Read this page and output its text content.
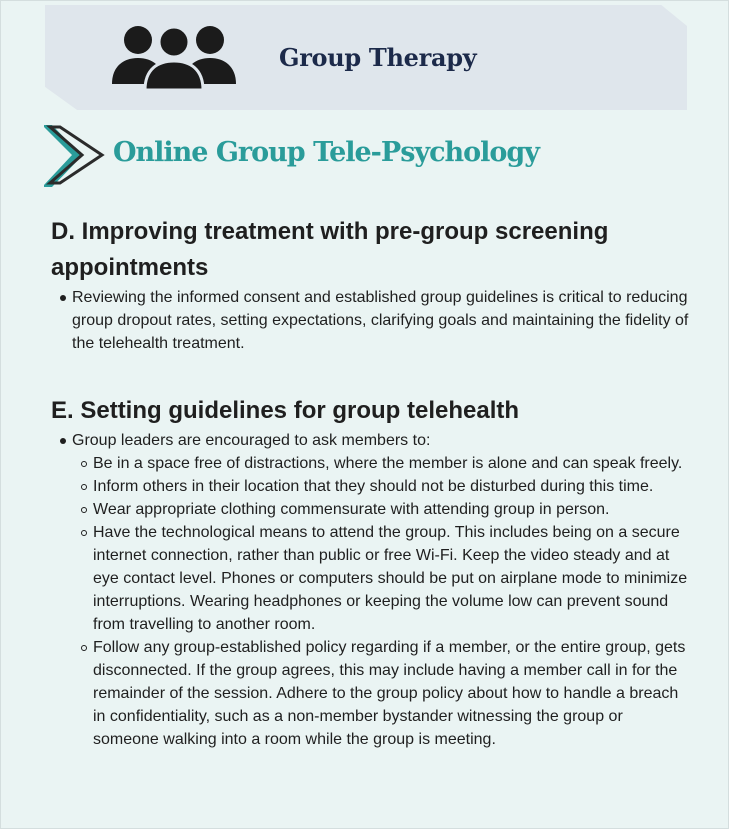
Group Therapy
Online Group Tele-Psychology
D. Improving treatment with pre-group screening appointments
Reviewing the informed consent and established group guidelines is critical to reducing group dropout rates, setting expectations, clarifying goals and maintaining the fidelity of the telehealth treatment.
E. Setting guidelines for group telehealth
Group leaders are encouraged to ask members to:
Be in a space free of distractions, where the member is alone and can speak freely.
Inform others in their location that they should not be disturbed during this time.
Wear appropriate clothing commensurate with attending group in person.
Have the technological means to attend the group. This includes being on a secure internet connection, rather than public or free Wi-Fi. Keep the video steady and at eye contact level. Phones or computers should be put on airplane mode to minimize interruptions. Wearing headphones or keeping the volume low can prevent sound from travelling to another room.
Follow any group-established policy regarding if a member, or the entire group, gets disconnected. If the group agrees, this may include having a member call in for the remainder of the session. Adhere to the group policy about how to handle a breach in confidentiality, such as a non-member bystander witnessing the group or someone walking into a room while the group is meeting.
